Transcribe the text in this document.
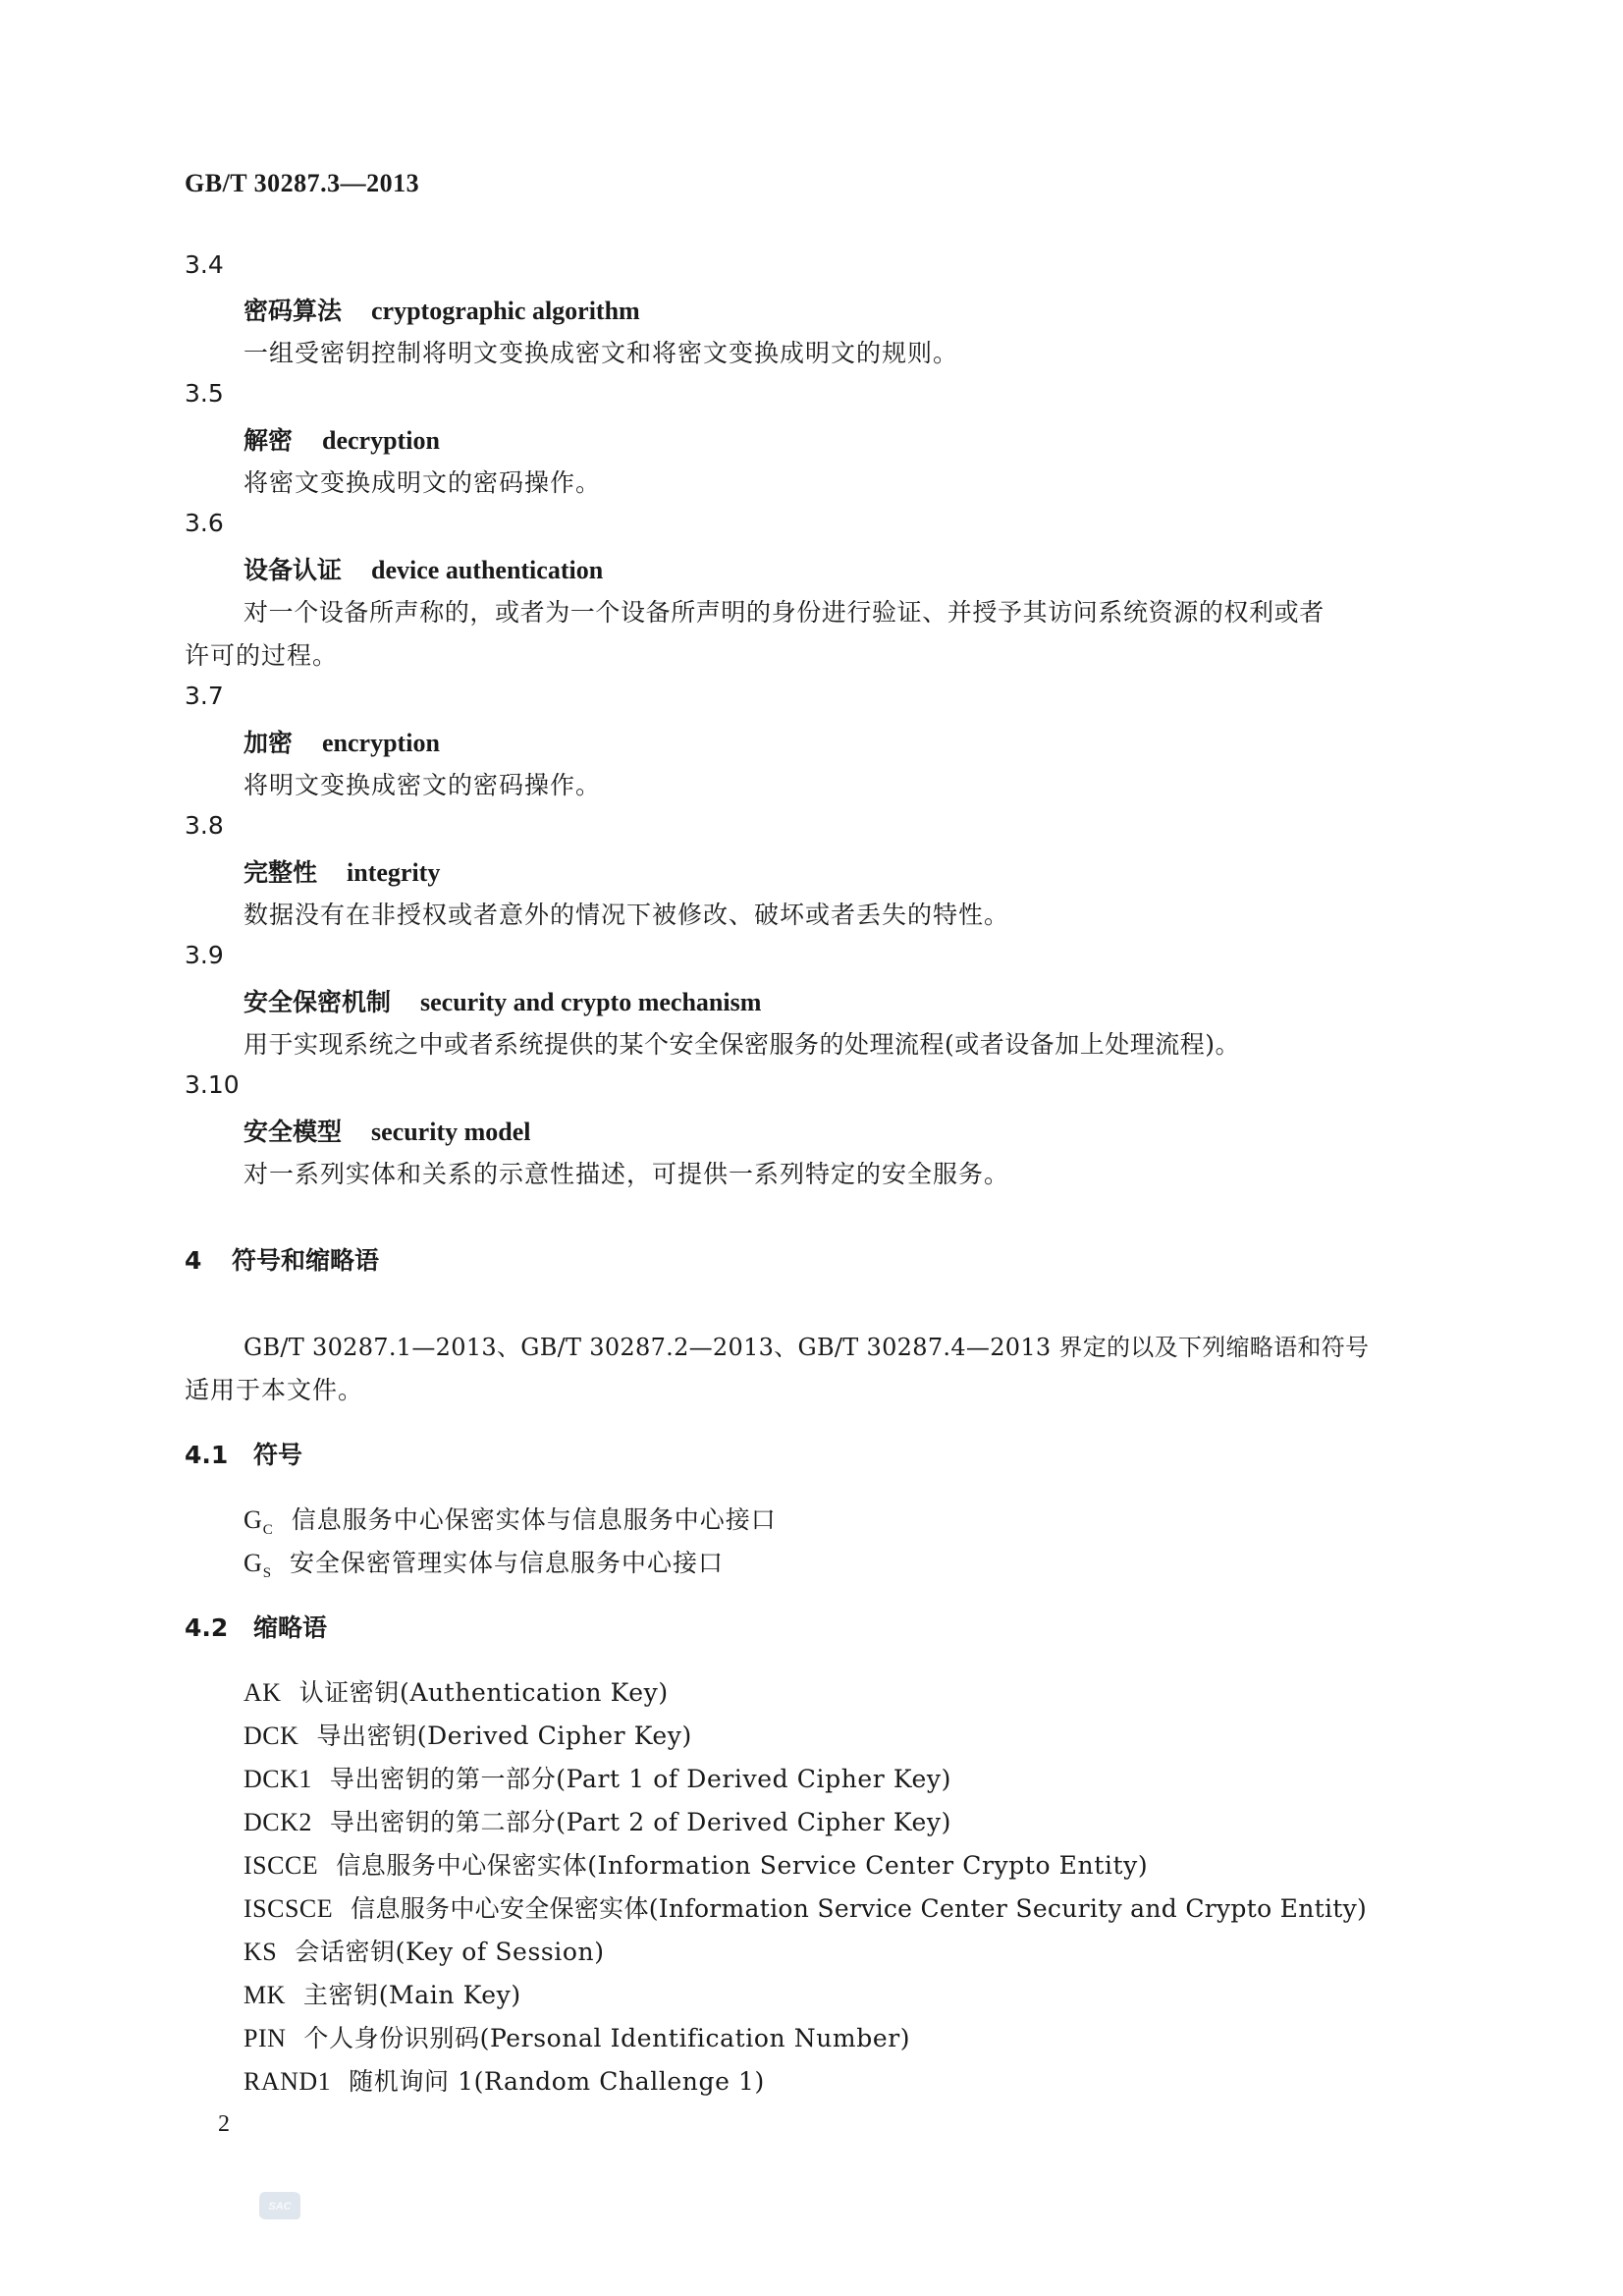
GB/T 30287.3—2013
3.4
密码算法 cryptographic algorithm
一组受密钥控制将明文变换成密文和将密文变换成明文的规则。
3.5
解密 decryption
将密文变换成明文的密码操作。
3.6
设备认证 device authentication
对一个设备所声称的，或者为一个设备所声明的身份进行验证、并授予其访问系统资源的权利或者
许可的过程。
3.7
加密 encryption
将明文变换成密文的密码操作。
3.8
完整性 integrity
数据没有在非授权或者意外的情况下被修改、破坏或者丢失的特性。
3.9
安全保密机制 security and crypto mechanism
用于实现系统之中或者系统提供的某个安全保密服务的处理流程(或者设备加上处理流程)。
3.10
安全模型 security model
对一系列实体和关系的示意性描述，可提供一系列特定的安全服务。
4 符号和缩略语
GB/T 30287.1—2013、GB/T 30287.2—2013、GB/T 30287.4—2013 界定的以及下列缩略语和符号
适用于本文件。
4.1 符号
$G_C$ 信息服务中心保密实体与信息服务中心接口
$G_S$ 安全保密管理实体与信息服务中心接口
4.2 缩略语
AK 认证密钥(Authentication Key)
DCK 导出密钥(Derived Cipher Key)
DCK1 导出密钥的第一部分(Part 1 of Derived Cipher Key)
DCK2 导出密钥的第二部分(Part 2 of Derived Cipher Key)
ISCCE 信息服务中心保密实体(Information Service Center Crypto Entity)
ISCSCE 信息服务中心安全保密实体(Information Service Center Security and Crypto Entity)
KS 会话密钥(Key of Session)
MK 主密钥(Main Key)
PIN 个人身份识别码(Personal Identification Number)
RAND1 随机询问 1(Random Challenge 1)
2
SAC
